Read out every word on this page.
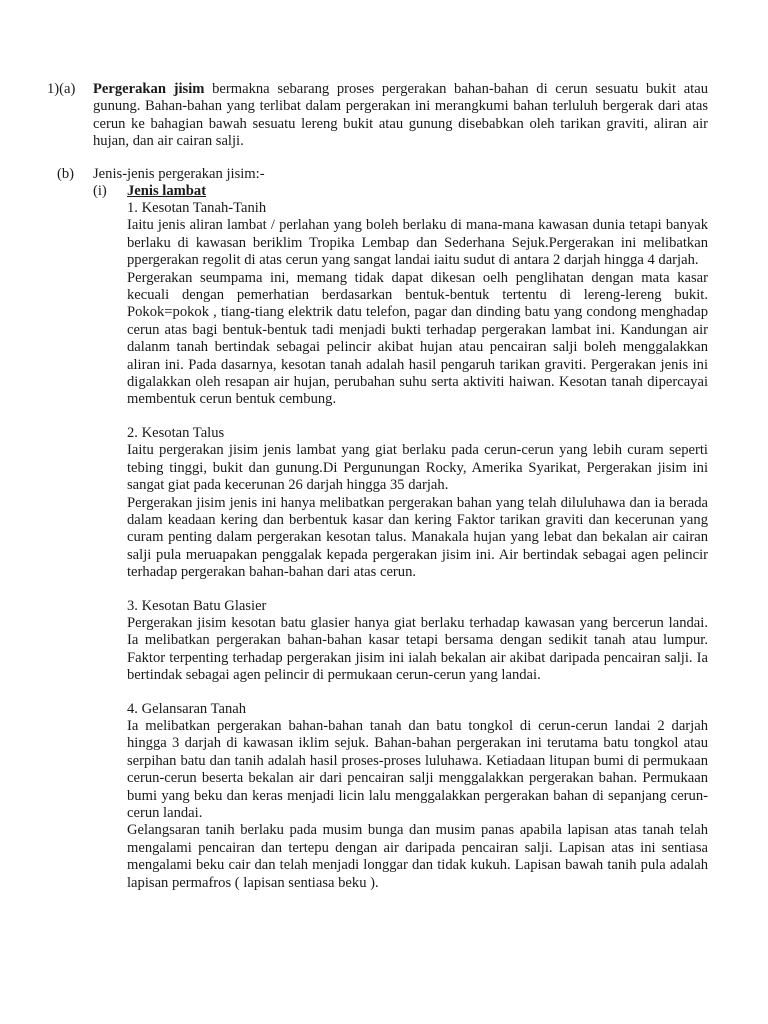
1)(a) Pergerakan jisim bermakna sebarang proses pergerakan bahan-bahan di cerun sesuatu bukit atau gunung. Bahan-bahan yang terlibat dalam pergerakan ini merangkumi bahan terluluh bergerak dari atas cerun ke bahagian bawah sesuatu lereng bukit atau gunung disebabkan oleh tarikan graviti, aliran air hujan, dan air cairan salji.

(b) Jenis-jenis pergerakan jisim:-
(i) Jenis lambat

1. Kesotan Tanah-Tanih

Iaitu jenis aliran lambat / perlahan yang boleh berlaku di mana-mana kawasan dunia tetapi banyak berlaku di kawasan beriklim Tropika Lembap dan Sederhana Sejuk.Pergerakan ini melibatkan ppergerakan regolit di atas cerun yang sangat landai iaitu sudut di antara 2 darjah hingga 4 darjah.

Pergerakan seumpama ini, memang tidak dapat dikesan oelh penglihatan dengan mata kasar kecuali dengan pemerhatian berdasarkan bentuk-bentuk tertentu di lereng-lereng bukit. Pokok=pokok , tiang-tiang elektrik datu telefon, pagar dan dinding batu yang condong menghadap cerun atas bagi bentuk-bentuk tadi menjadi bukti terhadap pergerakan lambat ini. Kandungan air dalanm tanah bertindak sebagai pelincir akibat hujan atau pencairan salji boleh menggalakkan aliran ini. Pada dasarnya, kesotan tanah adalah hasil pengaruh tarikan graviti. Pergerakan jenis ini digalakkan oleh resapan air hujan, perubahan suhu serta aktiviti haiwan. Kesotan tanah dipercayai membentuk cerun bentuk cembung.

2. Kesotan Talus

Iaitu pergerakan jisim jenis lambat yang giat berlaku pada cerun-cerun yang lebih curam seperti tebing tinggi, bukit dan gunung.Di Pergunungan Rocky, Amerika Syarikat, Pergerakan jisim ini sangat giat pada kecerunan 26 darjah hingga 35 darjah.

Pergerakan jisim jenis ini hanya melibatkan pergerakan bahan yang telah diluluhawa dan ia berada dalam keadaan kering dan berbentuk kasar dan kering Faktor tarikan graviti dan kecerunan yang curam penting dalam pergerakan kesotan talus. Manakala hujan yang lebat dan bekalan air cairan salji pula meruapakan penggalak kepada pergerakan jisim ini. Air bertindak sebagai agen pelincir terhadap pergerakan bahan-bahan dari atas cerun.

3. Kesotan Batu Glasier

Pergerakan jisim kesotan batu glasier hanya giat berlaku terhadap kawasan yang bercerun landai. Ia melibatkan pergerakan bahan-bahan kasar tetapi bersama dengan sedikit tanah atau lumpur. Faktor terpenting terhadap pergerakan jisim ini ialah bekalan air akibat daripada pencairan salji. Ia bertindak sebagai agen pelincir di permukaan cerun-cerun yang landai.

4. Gelansaran Tanah

Ia melibatkan pergerakan bahan-bahan tanah dan batu tongkol di cerun-cerun landai 2 darjah hingga 3 darjah di kawasan iklim sejuk. Bahan-bahan pergerakan ini terutama batu tongkol atau serpihan batu dan tanih adalah hasil proses-proses luluhawa. Ketiadaan litupan bumi di permukaan cerun-cerun beserta bekalan air dari pencairan salji menggalakkan pergerakan bahan. Permukaan bumi yang beku dan keras menjadi licin lalu menggalakkan pergerakan bahan di sepanjang cerun-cerun landai.

Gelangsaran tanih berlaku pada musim bunga dan musim panas apabila lapisan atas tanah telah mengalami pencairan dan tertepu dengan air daripada pencairan salji. Lapisan atas ini sentiasa mengalami beku cair dan telah menjadi longgar dan tidak kukuh. Lapisan bawah tanih pula adalah lapisan permafros ( lapisan sentiasa beku ).
